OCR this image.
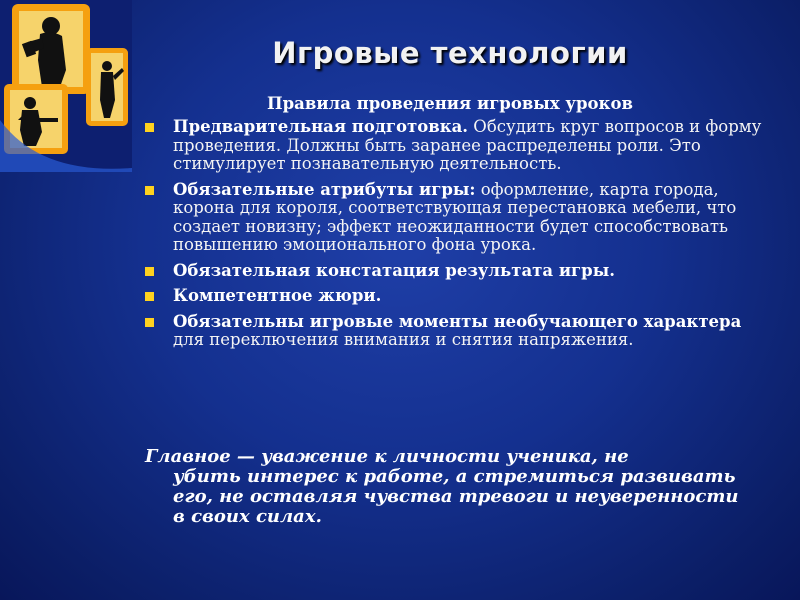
Игровые технологии
Правила проведения игровых уроков
Предварительная подготовка. Обсудить круг вопросов и форму проведения. Должны быть заранее распределены роли. Это стимулирует познавательную деятельность.
Обязательные атрибуты игры: оформление, карта города, корона для короля, соответствующая перестановка мебели, что создает новизну; эффект неожиданности будет способствовать повышению эмоционального фона урока.
Обязательная констатация результата игры.
Компетентное жюри.
Обязательны игровые моменты необучающего характера для переключения внимания и снятия напряжения.
Главное — уважение к личности ученика, не
убить интерес к работе, а стремиться развивать его, не оставляя чувства тревоги и неуверенности в своих силах.
